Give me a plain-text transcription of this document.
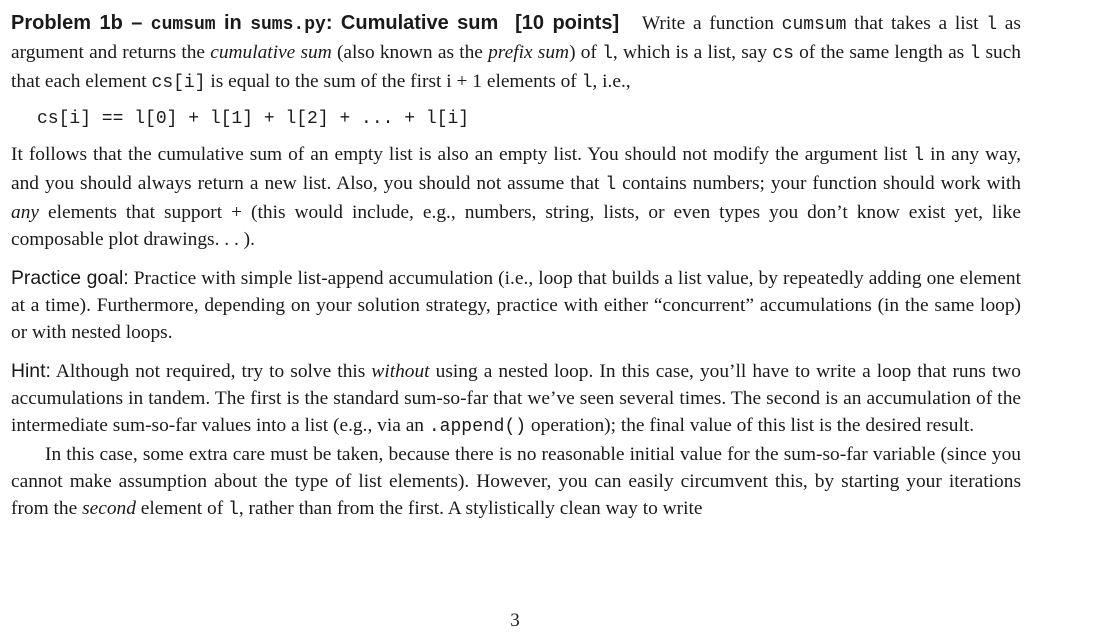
Problem 1b – cumsum in sums.py: Cumulative sum [10 points] Write a function cumsum that takes a list l as argument and returns the cumulative sum (also known as the prefix sum) of l, which is a list, say cs of the same length as l such that each element cs[i] is equal to the sum of the first i + 1 elements of l, i.e.,

cs[i] == l[0] + l[1] + l[2] + ... + l[i]

It follows that the cumulative sum of an empty list is also an empty list. You should not modify the argument list l in any way, and you should always return a new list. Also, you should not assume that l contains numbers; your function should work with any elements that support + (this would include, e.g., numbers, string, lists, or even types you don’t know exist yet, like composable plot drawings. . . ).

Practice goal: Practice with simple list-append accumulation (i.e., loop that builds a list value, by repeatedly adding one element at a time). Furthermore, depending on your solution strategy, practice with either “concurrent” accumulations (in the same loop) or with nested loops.

Hint: Although not required, try to solve this without using a nested loop. In this case, you’ll have to write a loop that runs two accumulations in tandem. The first is the standard sum-so-far that we’ve seen several times. The second is an accumulation of the intermediate sum-so-far values into a list (e.g., via an .append() operation); the final value of this list is the desired result.

In this case, some extra care must be taken, because there is no reasonable initial value for the sum-so-far variable (since you cannot make assumption about the type of list elements). However, you can easily circumvent this, by starting your iterations from the second element of l, rather than from the first. A stylistically clean way to write

3
